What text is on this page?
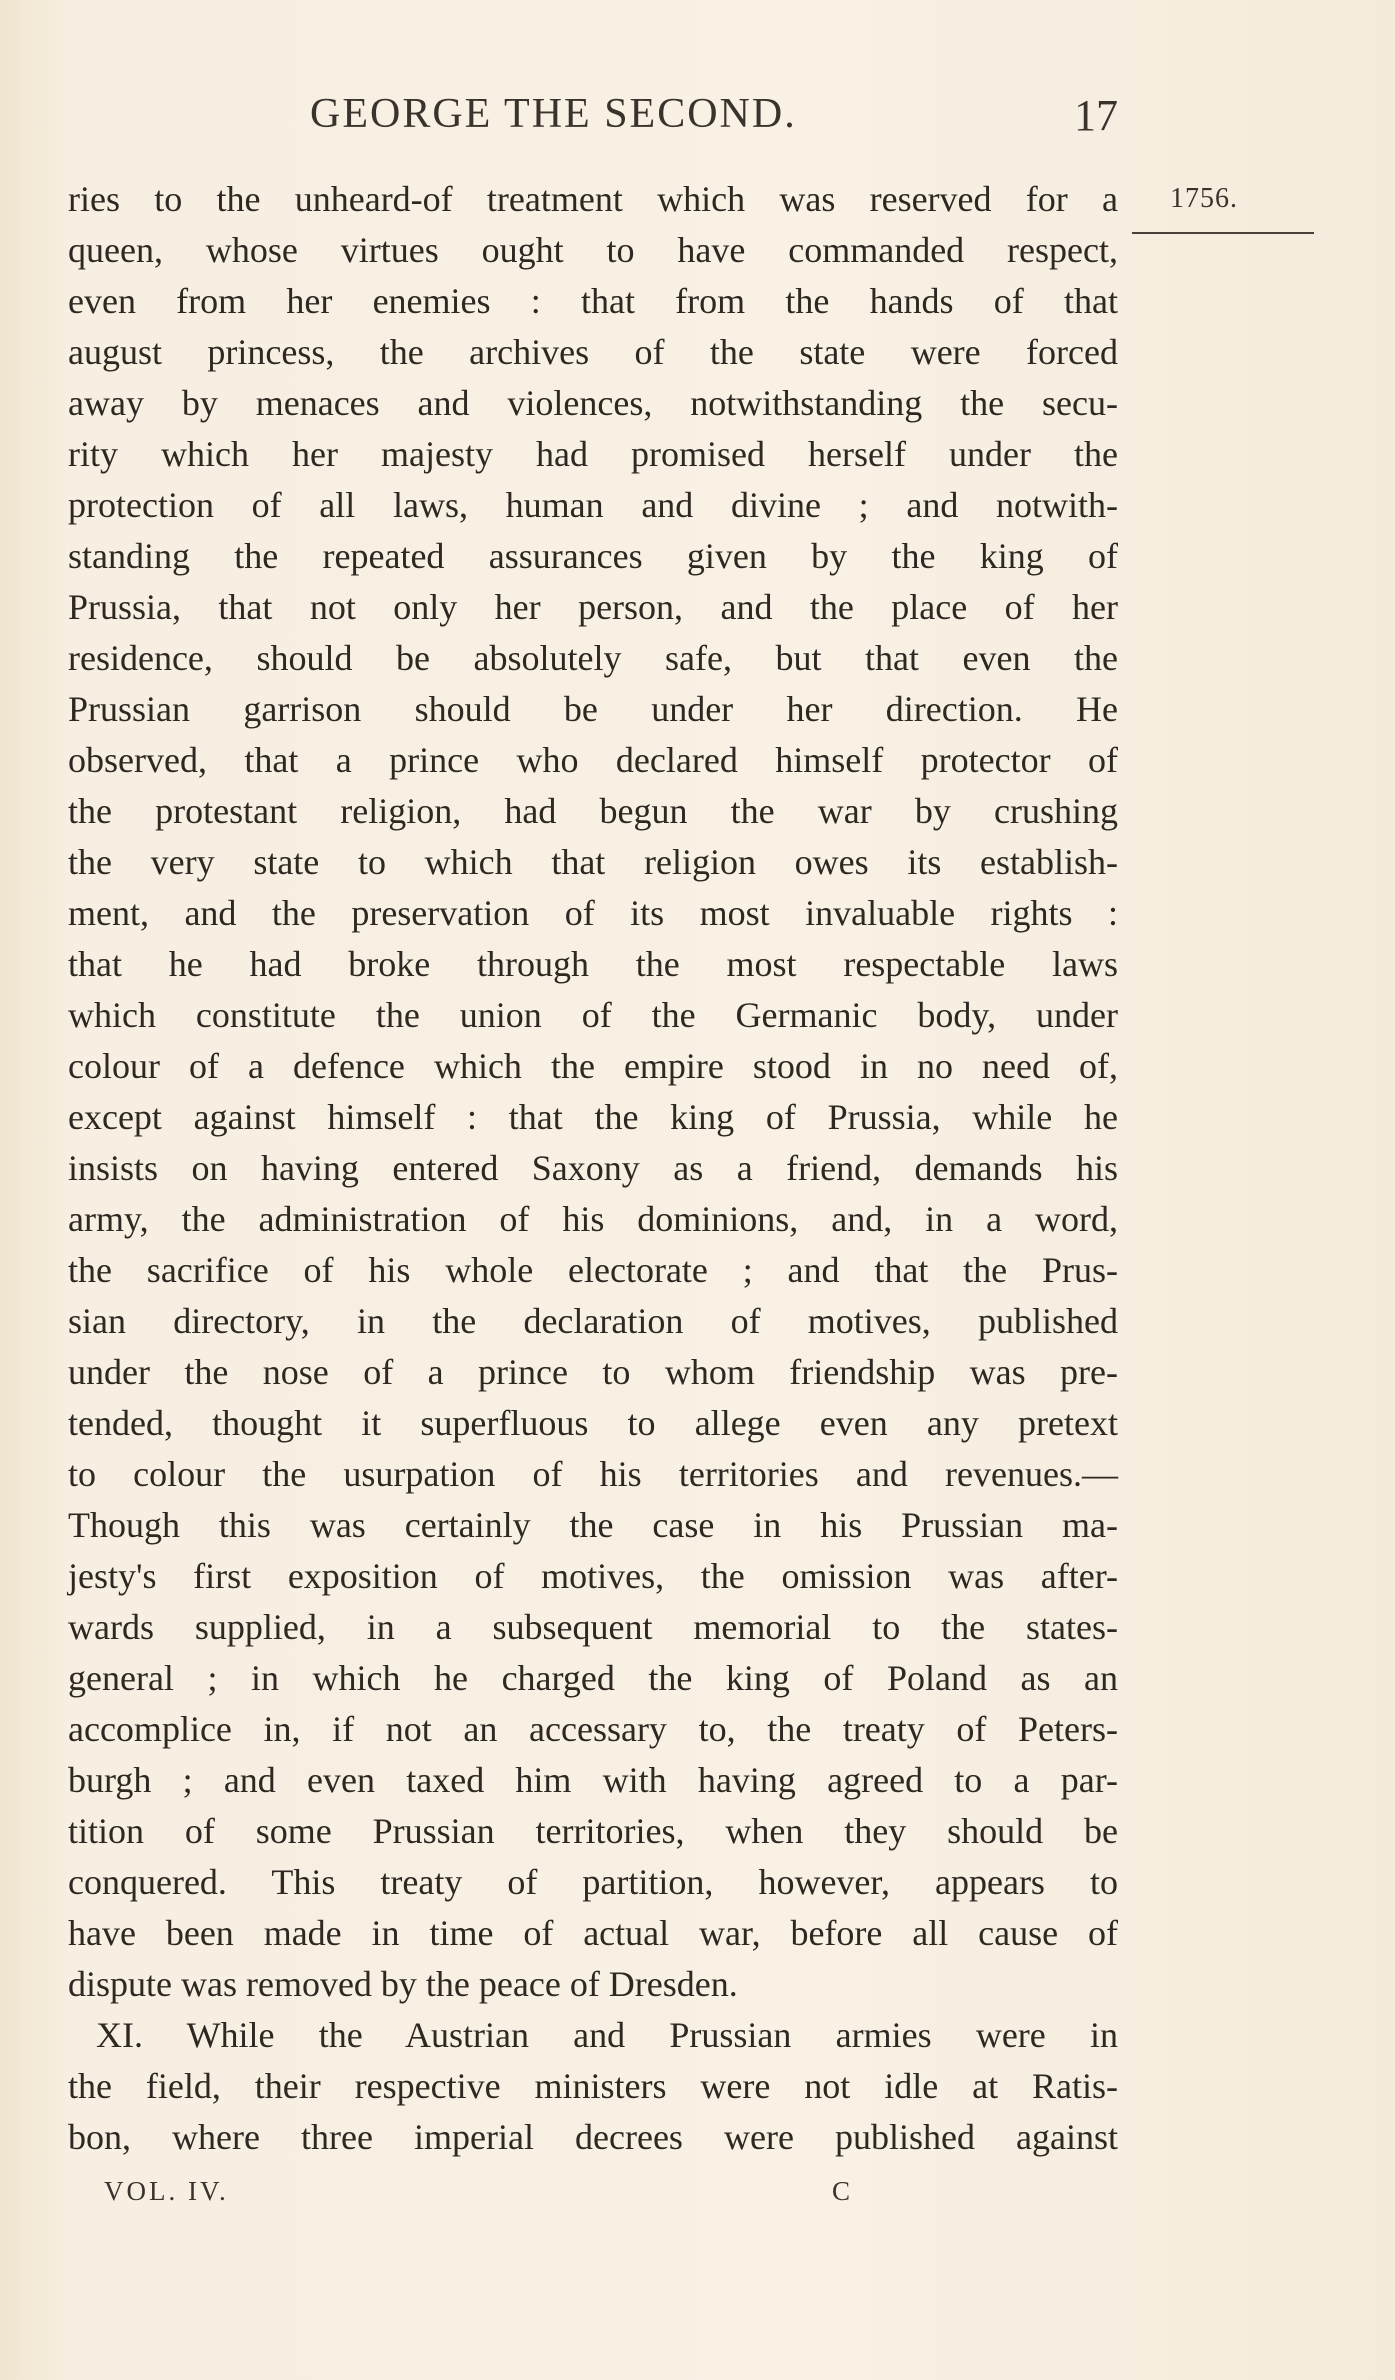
GEORGE THE SECOND.	17
1756.
ries to the unheard-of treatment which was reserved for a
queen, whose virtues ought to have commanded respect,
even from her enemies : that from the hands of that
august princess, the archives of the state were forced
away by menaces and violences, notwithstanding the secu-
rity which her majesty had promised herself under the
protection of all laws, human and divine ; and notwith-
standing the repeated assurances given by the king of
Prussia, that not only her person, and the place of her
residence, should be absolutely safe, but that even the
Prussian garrison should be under her direction. He
observed, that a prince who declared himself protector of
the protestant religion, had begun the war by crushing
the very state to which that religion owes its establish-
ment, and the preservation of its most invaluable rights :
that he had broke through the most respectable laws
which constitute the union of the Germanic body, under
colour of a defence which the empire stood in no need of,
except against himself : that the king of Prussia, while he
insists on having entered Saxony as a friend, demands his
army, the administration of his dominions, and, in a word,
the sacrifice of his whole electorate ; and that the Prus-
sian directory, in the declaration of motives, published
under the nose of a prince to whom friendship was pre-
tended, thought it superfluous to allege even any pretext
to colour the usurpation of his territories and revenues.—
Though this was certainly the case in his Prussian ma-
jesty's first exposition of motives, the omission was after-
wards supplied, in a subsequent memorial to the states-
general ; in which he charged the king of Poland as an
accomplice in, if not an accessary to, the treaty of Peters-
burgh ; and even taxed him with having agreed to a par-
tition of some Prussian territories, when they should be
conquered. This treaty of partition, however, appears to
have been made in time of actual war, before all cause of
dispute was removed by the peace of Dresden.
XI. While the Austrian and Prussian armies were in
the field, their respective ministers were not idle at Ratis-
bon, where three imperial decrees were published against
VOL. IV.	C
